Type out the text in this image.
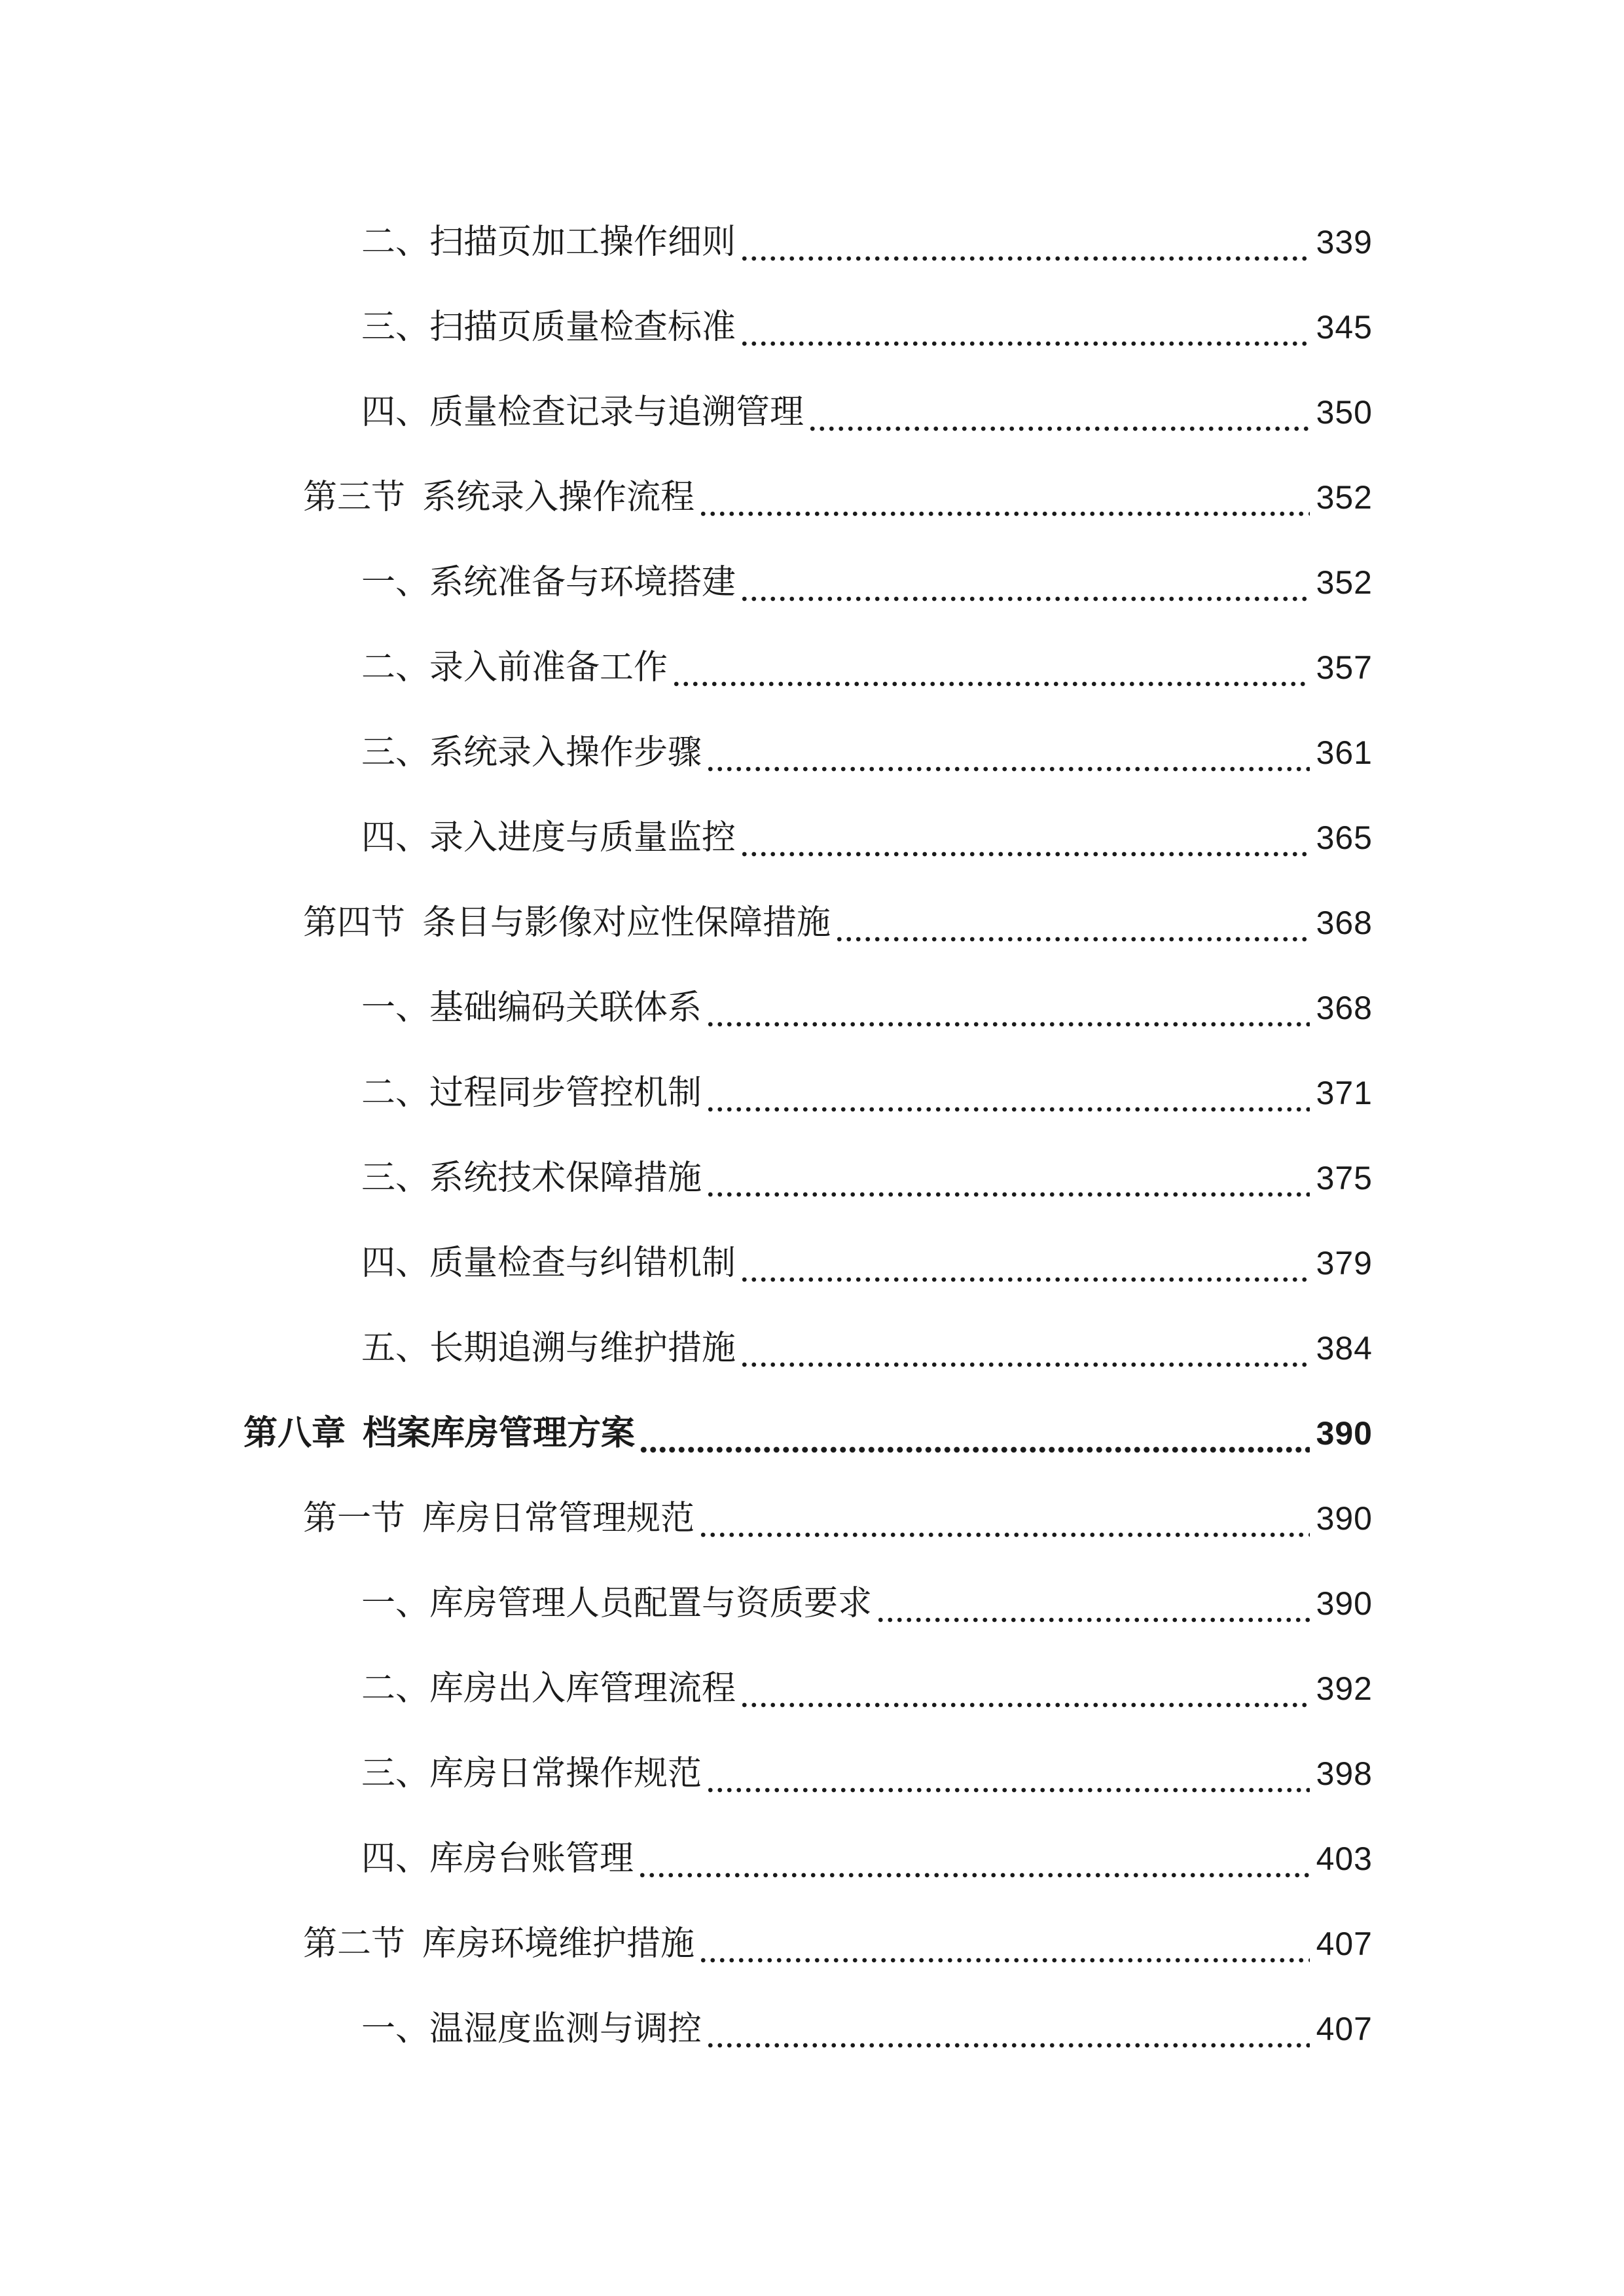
二、扫描页加工操作细则	339
三、扫描页质量检查标准	345
四、质量检查记录与追溯管理	350
第三节 系统录入操作流程	352
一、系统准备与环境搭建	352
二、录入前准备工作	357
三、系统录入操作步骤	361
四、录入进度与质量监控	365
第四节 条目与影像对应性保障措施	368
一、基础编码关联体系	368
二、过程同步管控机制	371
三、系统技术保障措施	375
四、质量检查与纠错机制	379
五、长期追溯与维护措施	384
第八章 档案库房管理方案	390
第一节 库房日常管理规范	390
一、库房管理人员配置与资质要求	390
二、库房出入库管理流程	392
三、库房日常操作规范	398
四、库房台账管理	403
第二节 库房环境维护措施	407
一、温湿度监测与调控	407
